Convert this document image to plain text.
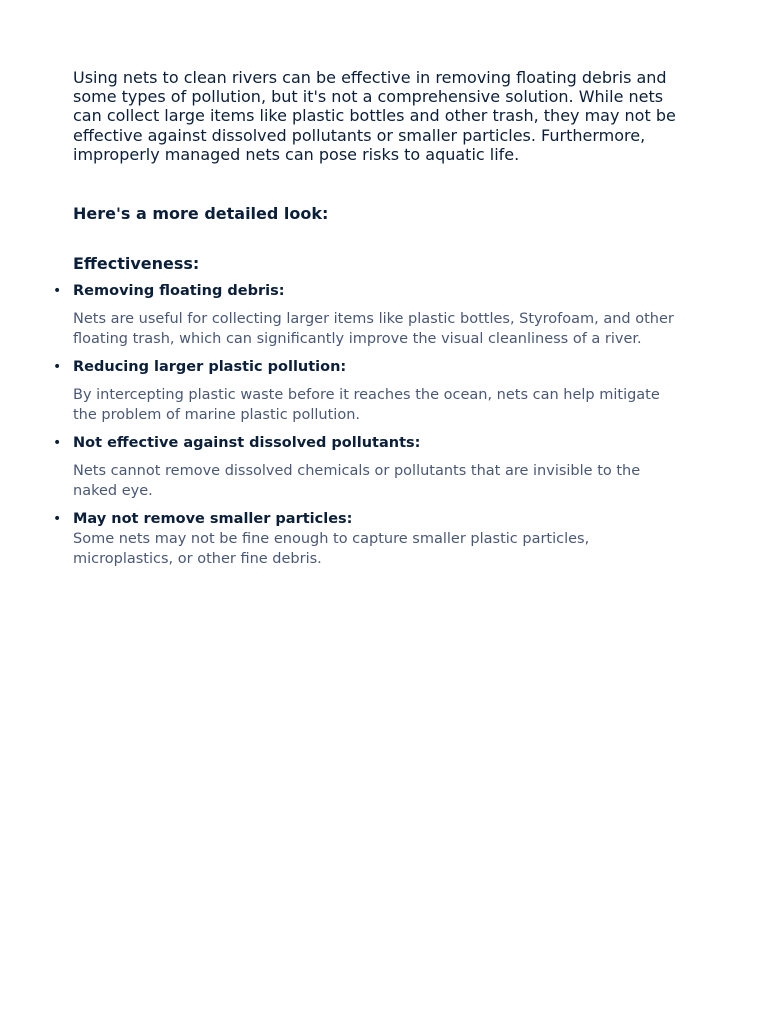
Using nets to clean rivers can be effective in removing floating debris and some types of pollution, but it's not a comprehensive solution. While nets can collect large items like plastic bottles and other trash, they may not be effective against dissolved pollutants or smaller particles. Furthermore, improperly managed nets can pose risks to aquatic life.

Here's a more detailed look:
Effectiveness:
• Removing floating debris:
Nets are useful for collecting larger items like plastic bottles, Styrofoam, and other floating trash, which can significantly improve the visual cleanliness of a river.
• Reducing larger plastic pollution:
By intercepting plastic waste before it reaches the ocean, nets can help mitigate the problem of marine plastic pollution.
• Not effective against dissolved pollutants:
Nets cannot remove dissolved chemicals or pollutants that are invisible to the naked eye.
• May not remove smaller particles:
Some nets may not be fine enough to capture smaller plastic particles, microplastics, or other fine debris.
